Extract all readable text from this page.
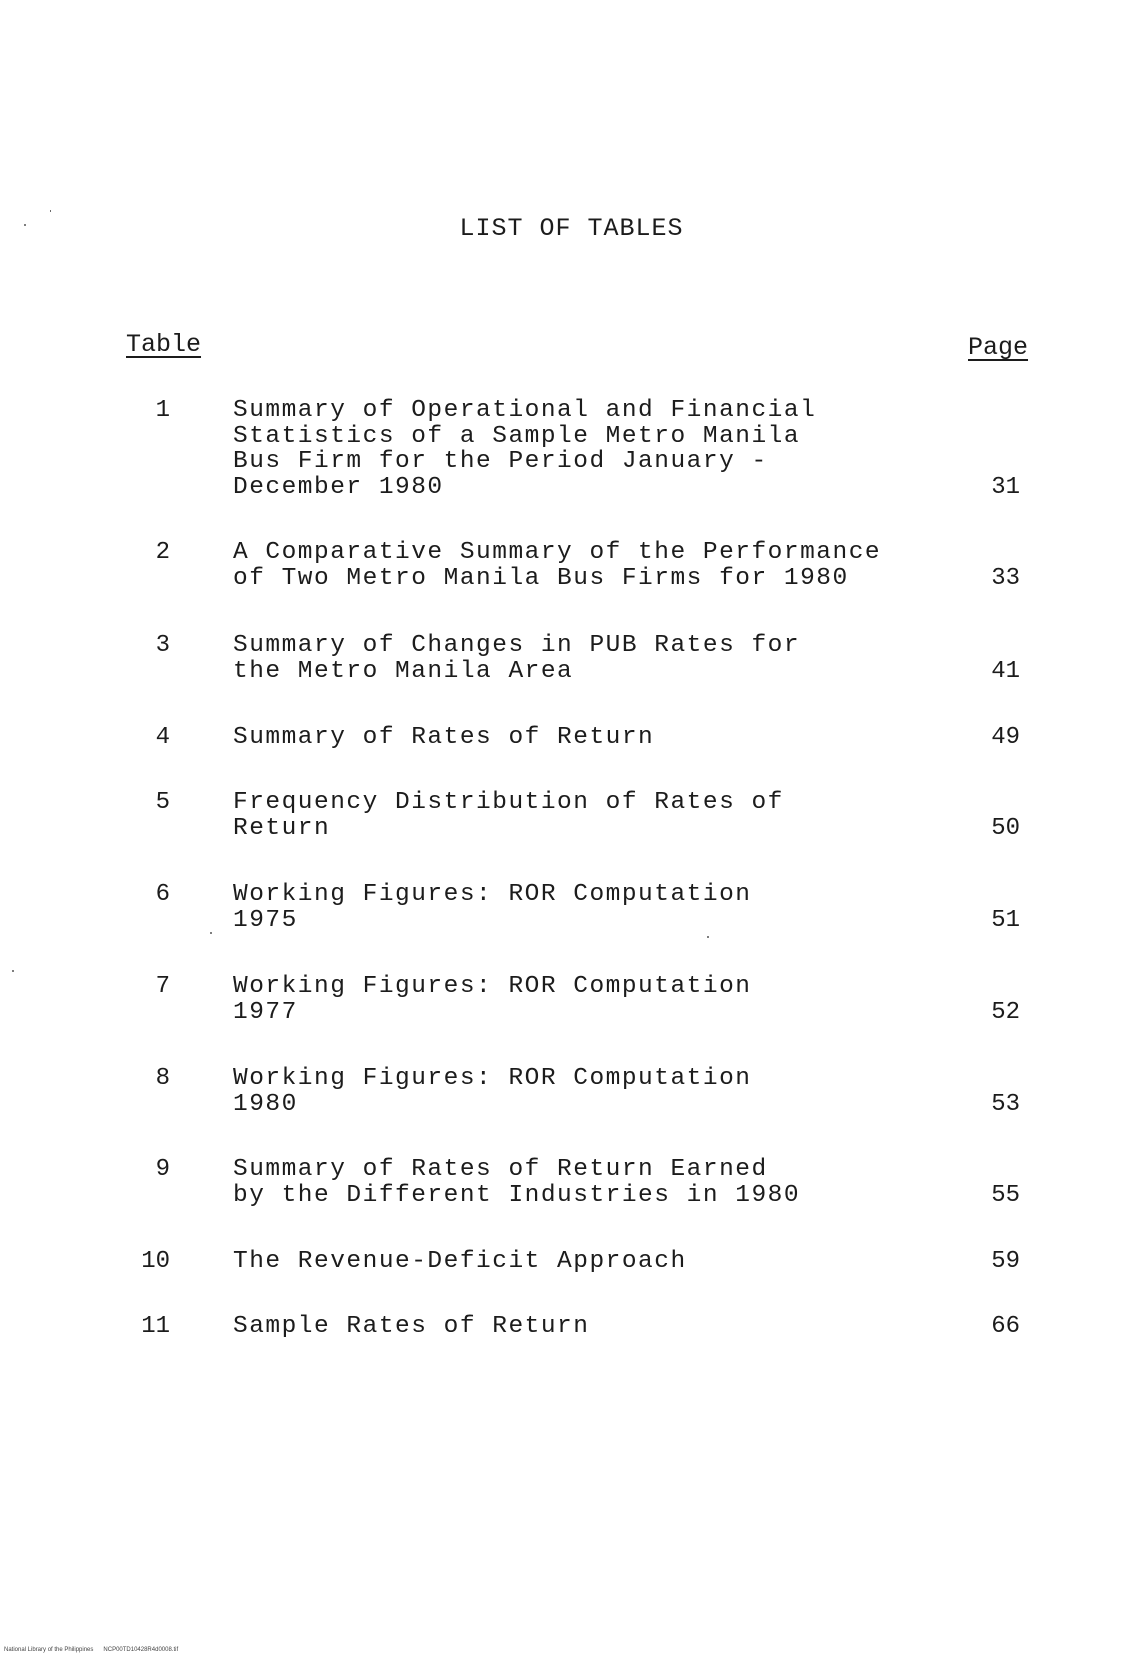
LIST OF TABLES
Table	Page
1	Summary of Operational and Financial
Statistics of a Sample Metro Manila
Bus Firm for the Period January -
December 1980	31
2	A Comparative Summary of the Performance
of Two Metro Manila Bus Firms for 1980	33
3	Summary of Changes in PUB Rates for
the Metro Manila Area	41
4	Summary of Rates of Return	49
5	Frequency Distribution of Rates of
Return	50
6	Working Figures: ROR Computation
1975	51
7	Working Figures: ROR Computation
1977	52
8	Working Figures: ROR Computation
1980	53
9	Summary of Rates of Return Earned
by the Different Industries in 1980	55
10	The Revenue-Deficit Approach	59
11	Sample Rates of Return	66
National Library of the Philippines NCP00TD10428R4d0008.tif
